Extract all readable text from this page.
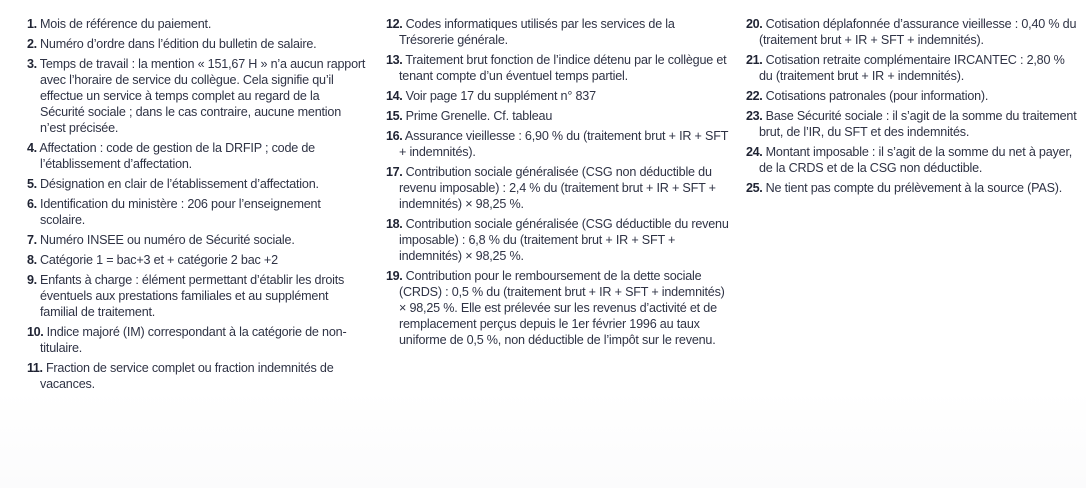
1. Mois de référence du paiement.

2. Numéro d’ordre dans l’édition du bulletin de salaire.

3. Temps de travail : la mention « 151,67 H » n’a aucun rapport avec l’horaire de service du collègue. Cela signifie qu’il effectue un service à temps complet au regard de la Sécurité sociale ; dans le cas contraire, aucune mention n’est précisée.

4. Affectation : code de gestion de la DRFIP ; code de l’établissement d’affectation.

5. Désignation en clair de l’établissement d’affectation.

6. Identification du ministère : 206 pour l’enseignement scolaire.

7. Numéro INSEE ou numéro de Sécurité sociale.

8. Catégorie 1 = bac+3 et + catégorie 2 bac +2

9. Enfants à charge : élément permettant d’établir les droits éventuels aux prestations familiales et au supplément familial de traitement.

10. Indice majoré (IM) correspondant à la catégorie de non-titulaire.

11. Fraction de service complet ou fraction indemnités de vacances.

12. Codes informatiques utilisés par les services de la Trésorerie générale.

13. Traitement brut fonction de l’indice détenu par le collègue et tenant compte d’un éventuel temps partiel.

14. Voir page 17 du supplément n° 837

15. Prime Grenelle. Cf. tableau

16. Assurance vieillesse : 6,90 % du (traitement brut + IR + SFT + indemnités).

17. Contribution sociale généralisée (CSG non déductible du revenu imposable) : 2,4 % du (traitement brut + IR + SFT + indemnités) × 98,25 %.

18. Contribution sociale généralisée (CSG déductible du revenu imposable) : 6,8 % du (traitement brut + IR + SFT + indemnités) × 98,25 %.

19. Contribution pour le remboursement de la dette sociale (CRDS) : 0,5 % du (traitement brut + IR + SFT + indemnités) × 98,25 %. Elle est prélevée sur les revenus d’activité et de remplacement perçus depuis le 1er février 1996 au taux uniforme de 0,5 %, non déductible de l’impôt sur le revenu.

20. Cotisation déplafonnée d’assurance vieillesse : 0,40 % du (traitement brut + IR + SFT + indemnités).

21. Cotisation retraite complémentaire IRCANTEC : 2,80 % du (traitement brut + IR + indemnités).

22. Cotisations patronales (pour information).

23. Base Sécurité sociale : il s’agit de la somme du traitement brut, de l’IR, du SFT et des indemnités.

24. Montant imposable : il s’agit de la somme du net à payer, de la CRDS et de la CSG non déductible.

25. Ne tient pas compte du prélèvement à la source (PAS).
